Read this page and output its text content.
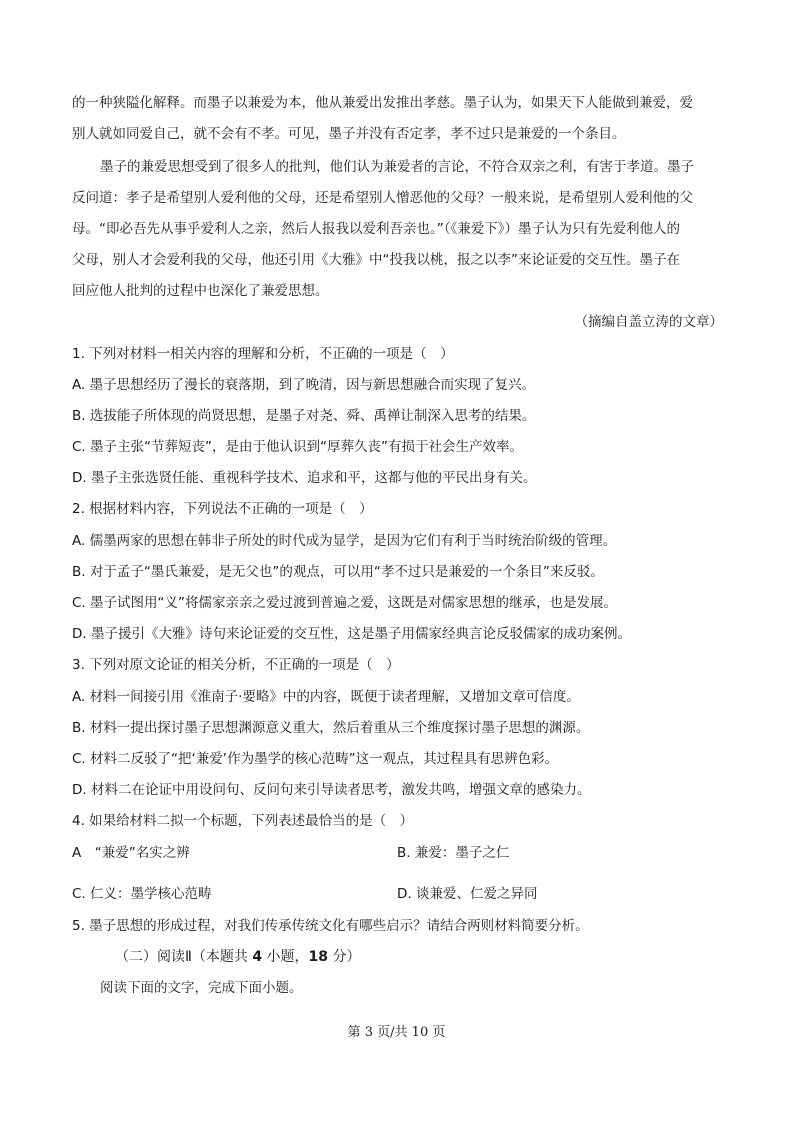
的一种狭隘化解释。而墨子以兼爱为本，他从兼爱出发推出孝慈。墨子认为，如果天下人能做到兼爱，爱
别人就如同爱自己，就不会有不孝。可见，墨子并没有否定孝，孝不过只是兼爱的一个条目。
墨子的兼爱思想受到了很多人的批判，他们认为兼爱者的言论，不符合双亲之利，有害于孝道。墨子
反问道：孝子是希望别人爱利他的父母，还是希望别人憎恶他的父母？一般来说，是希望别人爱利他的父
母。“即必吾先从事乎爱利人之亲，然后人报我以爱利吾亲也。”（《兼爱下》）墨子认为只有先爱利他人的
父母，别人才会爱利我的父母，他还引用《大雅》中“投我以桃，报之以李”来论证爱的交互性。墨子在
回应他人批判的过程中也深化了兼爱思想。
（摘编自盖立涛的文章）
1. 下列对材料一相关内容的理解和分析，不正确的一项是（　）
A. 墨子思想经历了漫长的衰落期，到了晚清，因与新思想融合而实现了复兴。
B. 选拔能子所体现的尚贤思想，是墨子对尧、舜、禹禅让制深入思考的结果。
C. 墨子主张“节葬短丧”，是由于他认识到“厚葬久丧”有损于社会生产效率。
D. 墨子主张选贤任能、重视科学技术、追求和平，这都与他的平民出身有关。
2. 根据材料内容，下列说法不正确的一项是（　）
A. 儒墨两家的思想在韩非子所处的时代成为显学，是因为它们有利于当时统治阶级的管理。
B. 对于孟子“墨氏兼爱，是无父也”的观点，可以用“孝不过只是兼爱的一个条目”来反驳。
C. 墨子试图用“义”将儒家亲亲之爱过渡到普遍之爱，这既是对儒家思想的继承，也是发展。
D. 墨子援引《大雅》诗句来论证爱的交互性，这是墨子用儒家经典言论反驳儒家的成功案例。
3. 下列对原文论证的相关分析，不正确的一项是（　）
A. 材料一间接引用《淮南子·要略》中的内容，既便于读者理解，又增加文章可信度。
B. 材料一提出探讨墨子思想渊源意义重大，然后着重从三个维度探讨墨子思想的渊源。
C. 材料二反驳了“把‘兼爱’作为墨学的核心范畴”这一观点，其过程具有思辨色彩。
D. 材料二在论证中用设问句、反问句来引导读者思考，激发共鸣，增强文章的感染力。
4. 如果给材料二拟一个标题，下列表述最恰当的是（　）
A　“兼爱”名实之辨	B. 兼爱：墨子之仁
C. 仁义：墨学核心范畴	D. 谈兼爱、仁爱之异同
5. 墨子思想的形成过程，对我们传承传统文化有哪些启示？请结合两则材料简要分析。
（二）阅读Ⅱ（本题共 4 小题，18 分）
阅读下面的文字，完成下面小题。
第 3 页/共 10 页
